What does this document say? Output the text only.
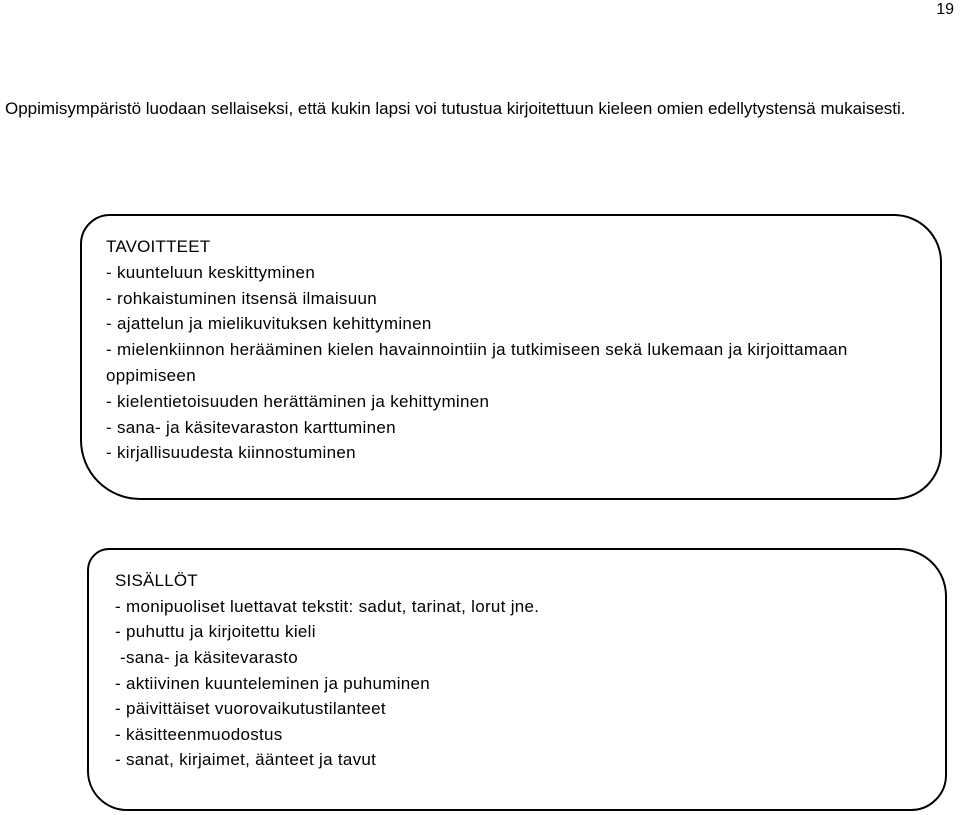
19

Oppimisympäristö luodaan sellaiseksi, että kukin lapsi voi tutustua kirjoitettuun kieleen omien edellytystensä mukaisesti.

TAVOITTEET
- kuunteluun keskittyminen
- rohkaistuminen itsensä ilmaisuun
- ajattelun ja mielikuvituksen kehittyminen
- mielenkiinnon herääminen kielen havainnointiin ja tutkimiseen sekä lukemaan ja kirjoittamaan oppimiseen
- kielentietoisuuden herättäminen ja kehittyminen
- sana- ja käsitevaraston karttuminen
- kirjallisuudesta kiinnostuminen
SISÄLLÖT
- monipuoliset luettavat tekstit: sadut, tarinat, lorut jne.
- puhuttu ja kirjoitettu kieli
-sana- ja käsitevarasto
- aktiivinen kuunteleminen ja puhuminen
- päivittäiset vuorovaikutustilanteet
- käsitteenmuodostus
- sanat, kirjaimet, äänteet ja tavut
